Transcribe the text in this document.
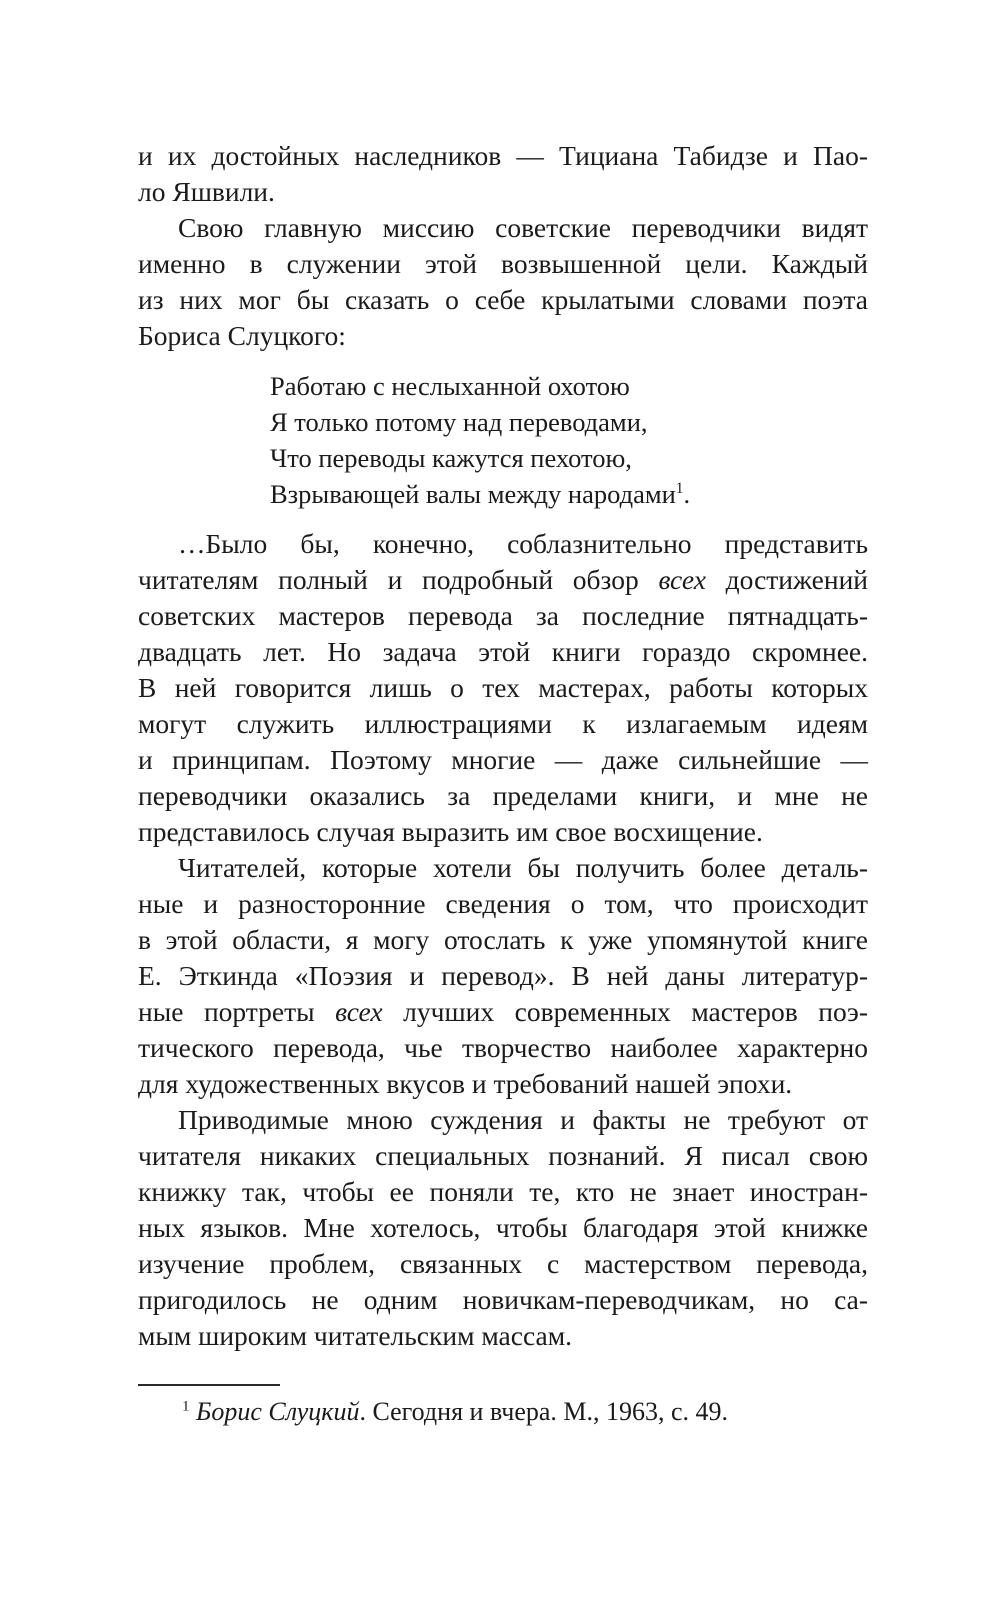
и их достойных наследников — Тициана Табидзе и Пао-
ло Яшвили.
Свою главную миссию советские переводчики видят
именно в служении этой возвышенной цели. Каждый
из них мог бы сказать о себе крылатыми словами поэта
Бориса Слуцкого:
Работаю с неслыханной охотою
Я только потому над переводами,
Что переводы кажутся пехотою,
Взрывающей валы между народами$^1$.
…Было бы, конечно, соблазнительно представить
читателям полный и подробный обзор всех достижений
советских мастеров перевода за последние пятнадцать-
двадцать лет. Но задача этой книги гораздо скромнее.
В ней говорится лишь о тех мастерах, работы которых
могут служить иллюстрациями к излагаемым идеям
и принципам. Поэтому многие — даже сильнейшие —
переводчики оказались за пределами книги, и мне не
представилось случая выразить им свое восхищение.
Читателей, которые хотели бы получить более деталь-
ные и разносторонние сведения о том, что происходит
в этой области, я могу отослать к уже упомянутой книге
Е. Эткинда «Поэзия и перевод». В ней даны литератур-
ные портреты всех лучших современных мастеров поэ-
тического перевода, чье творчество наиболее характерно
для художественных вкусов и требований нашей эпохи.
Приводимые мною суждения и факты не требуют от
читателя никаких специальных познаний. Я писал свою
книжку так, чтобы ее поняли те, кто не знает иностран-
ных языков. Мне хотелось, чтобы благодаря этой книжке
изучение проблем, связанных с мастерством перевода,
пригодилось не одним новичкам-переводчикам, но са-
мым широким читательским массам.
$^1$ Борис Слуцкий. Сегодня и вчера. М., 1963, с. 49.
